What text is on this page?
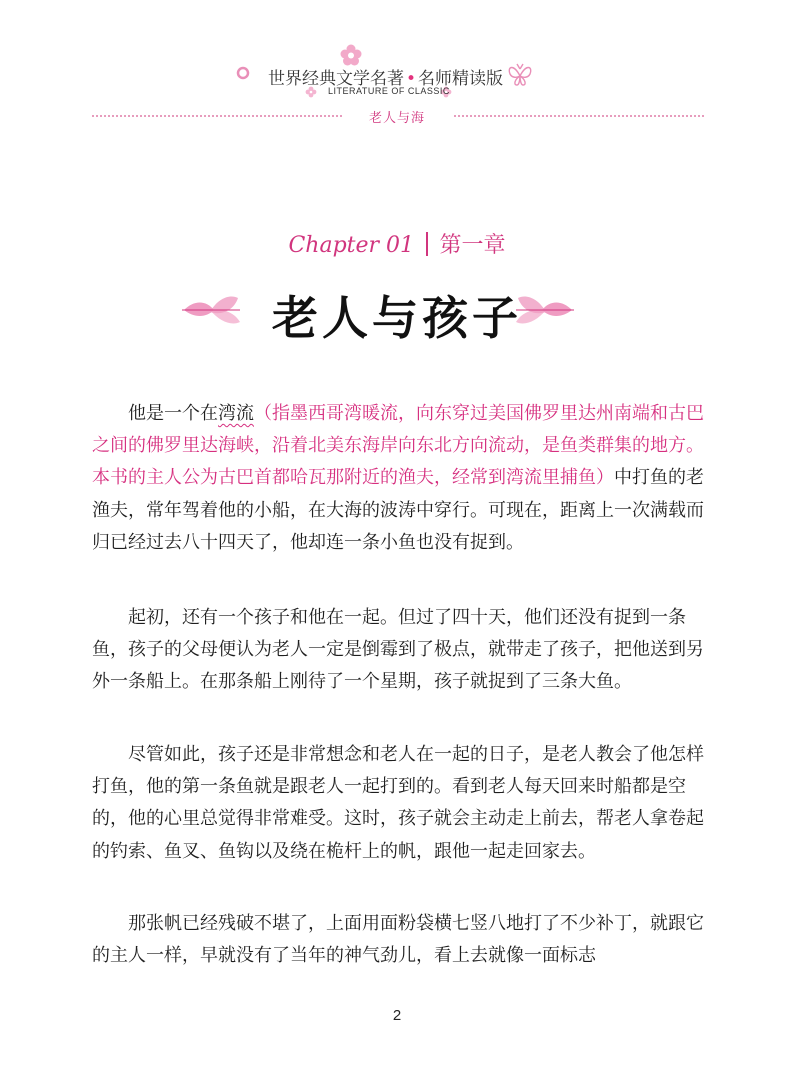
世界经典文学名著 • 名师精读版
LITERATURE OF CLASSIC
老人与海
Chapter 01 第一章
老人与孩子
他是一个在湾流（指墨西哥湾暖流，向东穿过美国佛罗里达州南端和古巴之间的佛罗里达海峡，沿着北美东海岸向东北方向流动，是鱼类群集的地方。本书的主人公为古巴首都哈瓦那附近的渔夫，经常到湾流里捕鱼）中打鱼的老渔夫，常年驾着他的小船，在大海的波涛中穿行。可现在，距离上一次满载而归已经过去八十四天了，他却连一条小鱼也没有捉到。
起初，还有一个孩子和他在一起。但过了四十天，他们还没有捉到一条鱼，孩子的父母便认为老人一定是倒霉到了极点，就带走了孩子，把他送到另外一条船上。在那条船上刚待了一个星期，孩子就捉到了三条大鱼。
尽管如此，孩子还是非常想念和老人在一起的日子，是老人教会了他怎样打鱼，他的第一条鱼就是跟老人一起打到的。看到老人每天回来时船都是空的，他的心里总觉得非常难受。这时，孩子就会主动走上前去，帮老人拿卷起的钓索、鱼叉、鱼钩以及绕在桅杆上的帆，跟他一起走回家去。
那张帆已经残破不堪了，上面用面粉袋横七竖八地打了不少补丁，就跟它的主人一样，早就没有了当年的神气劲儿，看上去就像一面标志
2
